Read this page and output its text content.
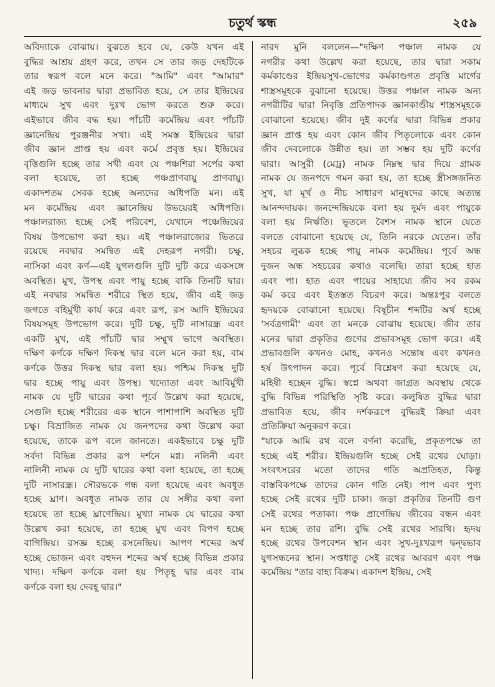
চতুর্থ স্কন্ধ	২৫৯

অবিদ্যাকে বোঝায়। বুঝতে হবে যে, কেউ যখন এই

বুদ্ধির আশ্রয় গ্রহণ করে, তখন সে তার জড় দেহটিকে

তার স্বরূপ বলে মনে করে। "আমি" এবং "আমার"

এই জড় ভাবনার দ্বারা প্রভাবিত হয়ে, সে তার ইন্দ্রিয়ের

মাধ্যমে সুখ এবং দুঃখ ভোগ করতে শুরু করে।

এইভাবে জীব বদ্ধ হয়। পাঁচটি কর্মেন্দ্রিয় এবং পাঁচটি

জ্ঞানেন্দ্রিয় পুরঞ্জনীর সখা। এই সমস্ত ইন্দ্রিয়ের দ্বারা

জীব জ্ঞান প্রাপ্ত হয় এবং কর্মে প্রবৃত্ত হয়। ইন্দ্রিয়ের

বৃত্তিগুলি হচ্ছে তার সখী এবং যে পঞ্চশিরা সর্পের কথা

বলা হয়েছে, তা হচ্ছে পঞ্চপ্রাণবায়ু প্রাণবায়ু।

একাদশতম সেবক হচ্ছে অন্যদের অধিপতি মন। এই

মন কর্মেন্দ্রিয় এবং জ্ঞানেন্দ্রিয় উভয়েরই অধিপতি।

পঞ্চালরাজ্য হচ্ছে সেই পরিবেশ, যেখানে পঞ্চেন্দ্রিয়ের

বিষয় উপভোগ করা হয়। এই পঞ্চালরাজ্যের ভিতরে

রয়েছে নবদ্বার সমন্বিত এই দেহরূপ নগরী। চক্ষু,

নাসিকা এবং কর্ণ—এই যুগলগুলি দুটি দুটি করে একসঙ্গে

অবস্থিত। মুখ, উপস্থ এবং পায়ু হচ্ছে বাকি তিনটি দ্বার।

এই নবদ্বার সমন্বিত শরীরে স্থিত হয়ে, জীব এই জড়

জগতে বহির্মুখী কার্য করে এবং রূপ, রস আদি ইন্দ্রিয়ের

বিষয়সমূহ উপভোগ করে। দুটি চক্ষু, দুটি নাসারন্ধ্র এবং

একটি মুখ, এই পাঁচটি দ্বার সম্মুখ ভাগে অবস্থিত।

দক্ষিণ কর্ণকে দক্ষিণ দিকস্থ দ্বার বলে মনে করা হয়, বাম

কর্ণকে উত্তর দিকস্থ দ্বার বলা হয়। পশ্চিম দিকস্থ দুটি

দ্বার হচ্ছে পায়ু এবং উপস্থ। খদ্যোতা এবং আবির্মুখী

নামক যে দুটি দ্বারের কথা পূর্বে উল্লেখ করা হয়েছে,

সেগুলি হচ্ছে শরীরের এক স্থানে পাশাপাশি অবস্থিত দুটি

চক্ষু। বিভ্রাজিত নামক যে জনপদের কথা উল্লেখ করা

হয়েছে, তাকে রূপ বলে জানতে। একইভাবে চক্ষু দুটি

সর্বদা বিভিন্ন প্রকার রূপ দর্শনে মগ্ন। নলিনী এবং

নালিনী নামক যে দুটি দ্বারের কথা বলা হয়েছে, তা হচ্ছে

দুটি নাসারন্ধ্র। সৌরভকে গন্ধ বলা হয়েছে এবং অবধূত

হচ্ছে ঘ্রাণ। অবধূত নামক তার যে সঙ্গীর কথা বলা

হয়েছে তা হচ্ছে ঘ্রাণেন্দ্রিয়। মুখ্যা নামক যে দ্বারের কথা

উল্লেখ করা হয়েছে, তা হচ্ছে মুখ এবং বিপণ হচ্ছে

বাগিন্দ্রিয়। রসজ্ঞ হচ্ছে রসনেন্দ্রিয়। আপণ শব্দের অর্থ

হচ্ছে ভোজন এবং বহুদন শব্দের অর্থ হচ্ছে বিভিন্ন প্রকার

খাদ্য। দক্ষিণ কর্ণকে বলা হয় পিতৃহূ দ্বার এবং বাম

কর্ণকে বলা হয় দেবহূ দ্বার।"

নারদ মুনি বললেন—"দক্ষিণ পঞ্চাল নামক যে

নগরীর কথা উল্লেখ করা হয়েছে, তার দ্বারা সকাম

কর্মকাণ্ডের ইন্দ্রিয়সুখ-ভোগের কর্মকাণ্ডগত প্রবৃত্তি মার্গের

শাস্ত্রসমূহকে বুঝানো হয়েছে। উত্তর পঞ্চাল নামক অন্য

নগরীটির দ্বারা নিবৃত্তি প্রতিপাদক জ্ঞানকাণ্ডীয় শাস্ত্রসমূহকে

বোঝানো হয়েছে। জীব দুই কর্ণের দ্বারা বিভিন্ন প্রকার

জ্ঞান প্রাপ্ত হয় এবং কোন জীব পিতৃলোকে এবং কোন

জীব দেবলোকে উন্নীত হয়। তা সম্ভব হয় দুটি কর্ণের

দ্বারা। আসুরী (মেঢ্র) নামক নিম্নস্থ দ্বার দিয়ে গ্রামক

নামক যে জনপদে গমন করা হয়, তা হচ্ছে স্ত্রীসঙ্গজনিত

সুখ, যা মূর্খ ও নীচ সাধারণ মানুষদের কাছে অত্যন্ত

আনন্দদায়ক। জনন্দেন্দ্রিয়কে বলা হয় দুর্মদ এবং পায়ুকে

বলা হয় নির্ঋতি। ভূতলে বৈশস নামক স্থানে যেতে

বলতে বোঝানো হয়েছে যে, তিনি নরকে যেতেন। তাঁর

সহচর লুব্ধক হচ্ছে পায়ু নামক কর্মেন্দ্রিয়। পূর্বে অন্ধ

দুজন অন্ধ সহচরের কথাও বলেছি। তারা হচ্ছে হাত

এবং পা। হাত এবং পায়ের সাহায্যে জীব সব রকম

কর্ম করে এবং ইতস্তত বিচরণ করে। অন্তঃপুর বলতে

হৃদয়কে বোঝানো হয়েছে। বিষূচীন শব্দটির অর্থ হচ্ছে

'সর্বত্রগামী' এবং তা মনকে বোঝায় হয়েছে। জীব তার

মনের দ্বারা প্রকৃতির গুণের প্রভাবসমূহ ভোগ করে। এই

প্রভাবগুলি কখনও মোহ, কখনও সন্তোষ এবং কখনও

হর্ষ উৎপাদন করে। পূর্বে বিশ্লেষণ করা হয়েছে যে,

মহিষী হচ্ছেন বুদ্ধি। স্বপ্নে অথবা জাগ্রত অবস্থায় থেকে

বুদ্ধি বিভিন্ন পরিস্থিতি সৃষ্টি করে। কলুষিত বুদ্ধির দ্বারা

প্রভাবিত হয়ে, জীব দর্শকরূপে বুদ্ধিরই ক্রিয়া এবং

প্রতিক্রিয়া অনুকরণ করে।

"যাকে আমি রথ বলে বর্ণনা করেছি, প্রকৃতপক্ষে তা

হচ্ছে এই শরীর। ইন্দ্রিয়গুলি হচ্ছে সেই রথের ঘোড়া।

সংবৎসরের মতো তাদের গতি অপ্রতিহত, কিন্তু

বাস্তবিকপক্ষে তাদের কোন গতি নেই। পাপ এবং পুণ্য

হচ্ছে সেই রথের দুটি চাকা। জড়া প্রকৃতির তিনটি গুণ

সেই রথের পতাকা। পঞ্চ প্রাণেন্দ্রিয় জীবের বন্ধন এবং

মন হচ্ছে তার রশি। বুদ্ধি সেই রথের সারথি। হৃদয়

হচ্ছে রথের উপবেশন স্থান এবং সুখ-দুঃখরূপ দ্বন্দ্বভাব

যুগসন্ধনের স্থান। সপ্তধাতু সেই রথের আবরণ এবং পঞ্চ

কর্মেন্দ্রিয় "তার বাহ্য বিক্রম। একাদশ ইন্দ্রিয়, সেই
